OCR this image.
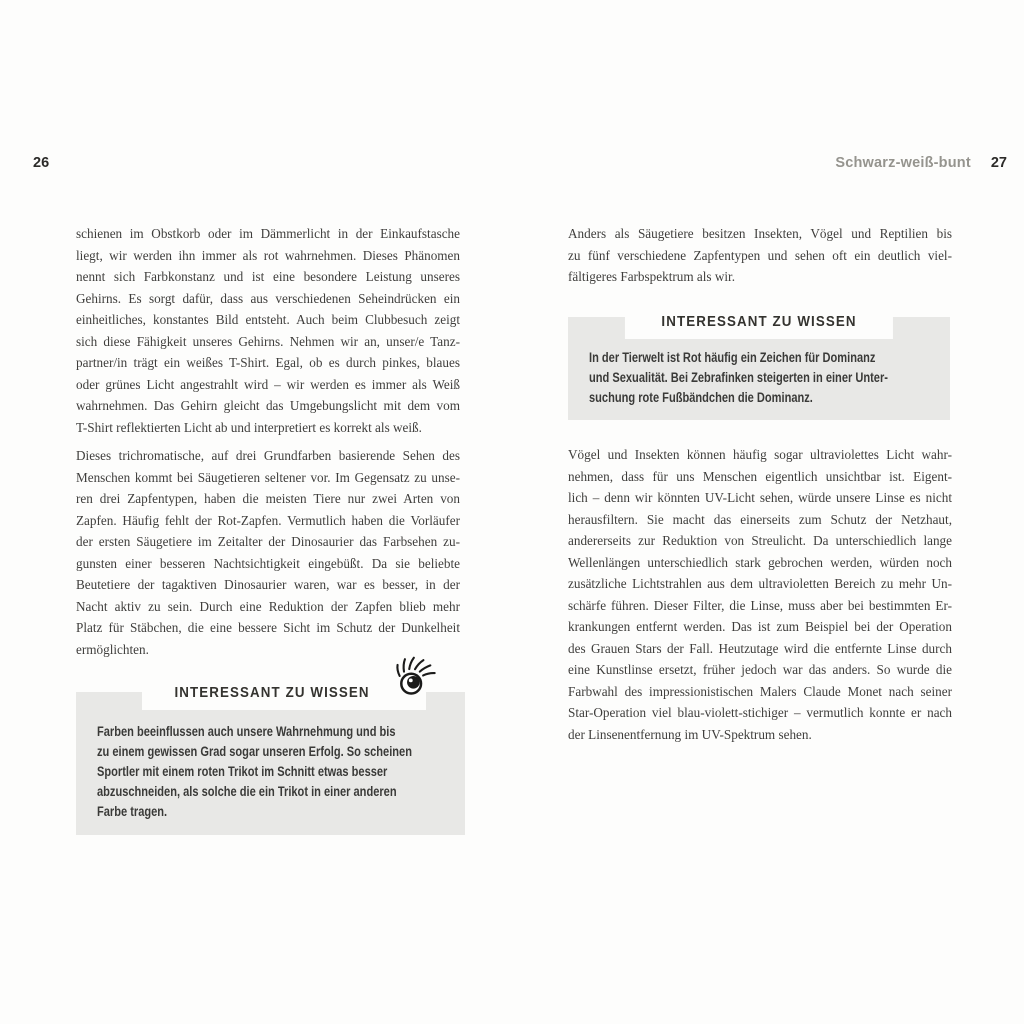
26	Schwarz-weiß-bunt 27
schienen im Obstkorb oder im Dämmerlicht in der Einkaufstasche
liegt, wir werden ihn immer als rot wahrnehmen. Dieses Phänomen
nennt sich Farbkonstanz und ist eine besondere Leistung unseres
Gehirns. Es sorgt dafür, dass aus verschiedenen Seheindrücken ein
einheitliches, konstantes Bild entsteht. Auch beim Clubbesuch zeigt
sich diese Fähigkeit unseres Gehirns. Nehmen wir an, unser/e Tanz-
partner/in trägt ein weißes T-Shirt. Egal, ob es durch pinkes, blaues
oder grünes Licht angestrahlt wird – wir werden es immer als Weiß
wahrnehmen. Das Gehirn gleicht das Umgebungslicht mit dem vom
T-Shirt reflektierten Licht ab und interpretiert es korrekt als weiß.
Dieses trichromatische, auf drei Grundfarben basierende Sehen des
Menschen kommt bei Säugetieren seltener vor. Im Gegensatz zu unse-
ren drei Zapfentypen, haben die meisten Tiere nur zwei Arten von
Zapfen. Häufig fehlt der Rot-Zapfen. Vermutlich haben die Vorläufer
der ersten Säugetiere im Zeitalter der Dinosaurier das Farbsehen zu-
gunsten einer besseren Nachtsichtigkeit eingebüßt. Da sie beliebte
Beutetiere der tagaktiven Dinosaurier waren, war es besser, in der
Nacht aktiv zu sein. Durch eine Reduktion der Zapfen blieb mehr
Platz für Stäbchen, die eine bessere Sicht im Schutz der Dunkelheit
ermöglichten.
INTERESSANT ZU WISSEN
Farben beeinflussen auch unsere Wahrnehmung und bis
zu einem gewissen Grad sogar unseren Erfolg. So scheinen
Sportler mit einem roten Trikot im Schnitt etwas besser
abzuschneiden, als solche die ein Trikot in einer anderen
Farbe tragen.
Anders als Säugetiere besitzen Insekten, Vögel und Reptilien bis
zu fünf verschiedene Zapfentypen und sehen oft ein deutlich viel-
fältigeres Farbspektrum als wir.
INTERESSANT ZU WISSEN
In der Tierwelt ist Rot häufig ein Zeichen für Dominanz
und Sexualität. Bei Zebrafinken steigerten in einer Unter-
suchung rote Fußbändchen die Dominanz.
Vögel und Insekten können häufig sogar ultraviolettes Licht wahr-
nehmen, dass für uns Menschen eigentlich unsichtbar ist. Eigent-
lich – denn wir könnten UV-Licht sehen, würde unsere Linse es nicht
herausfiltern. Sie macht das einerseits zum Schutz der Netzhaut,
andererseits zur Reduktion von Streulicht. Da unterschiedlich lange
Wellenlängen unterschiedlich stark gebrochen werden, würden noch
zusätzliche Lichtstrahlen aus dem ultravioletten Bereich zu mehr Un-
schärfe führen. Dieser Filter, die Linse, muss aber bei bestimmten Er-
krankungen entfernt werden. Das ist zum Beispiel bei der Operation
des Grauen Stars der Fall. Heutzutage wird die entfernte Linse durch
eine Kunstlinse ersetzt, früher jedoch war das anders. So wurde die
Farbwahl des impressionistischen Malers Claude Monet nach seiner
Star-Operation viel blau-violett-stichiger – vermutlich konnte er nach
der Linsenentfernung im UV-Spektrum sehen.
